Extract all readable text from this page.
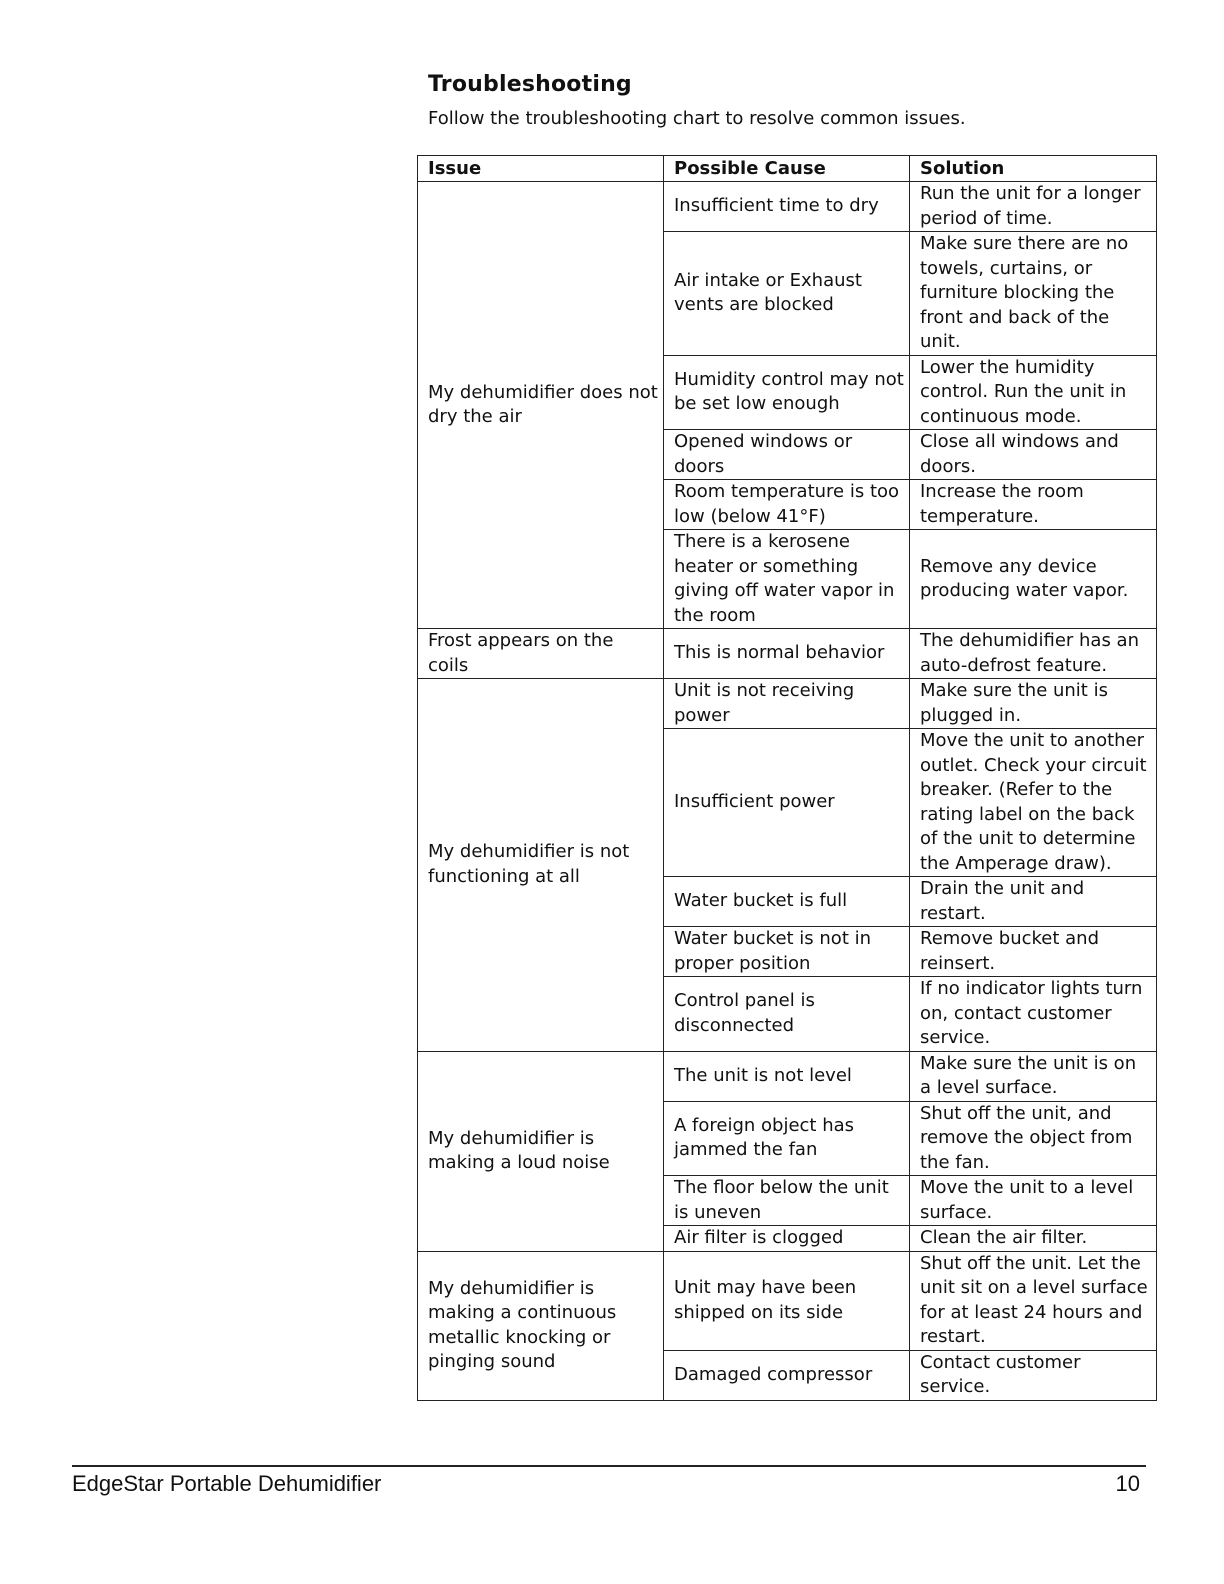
Troubleshooting
Follow the troubleshooting chart to resolve common issues.
Issue	Possible Cause	Solution
My dehumidifier does not dry the air	Insufficient time to dry	Run the unit for a longer period of time.
	Air intake or Exhaust vents are blocked	Make sure there are no towels, curtains, or furniture blocking the front and back of the unit.
	Humidity control may not be set low enough	Lower the humidity control. Run the unit in continuous mode.
	Opened windows or doors	Close all windows and doors.
	Room temperature is too low (below 41°F)	Increase the room temperature.
	There is a kerosene heater or something giving off water vapor in the room	Remove any device producing water vapor.
Frost appears on the coils	This is normal behavior	The dehumidifier has an auto-defrost feature.
My dehumidifier is not functioning at all	Unit is not receiving power	Make sure the unit is plugged in.
	Insufficient power	Move the unit to another outlet. Check your circuit breaker. (Refer to the rating label on the back of the unit to determine the Amperage draw).
	Water bucket is full	Drain the unit and restart.
	Water bucket is not in proper position	Remove bucket and reinsert.
	Control panel is disconnected	If no indicator lights turn on, contact customer service.
My dehumidifier is making a loud noise	The unit is not level	Make sure the unit is on a level surface.
	A foreign object has jammed the fan	Shut off the unit, and remove the object from the fan.
	The floor below the unit is uneven	Move the unit to a level surface.
	Air filter is clogged	Clean the air filter.
My dehumidifier is making a continuous metallic knocking or pinging sound	Unit may have been shipped on its side	Shut off the unit. Let the unit sit on a level surface for at least 24 hours and restart.
	Damaged compressor	Contact customer service.
EdgeStar Portable Dehumidifier	10
